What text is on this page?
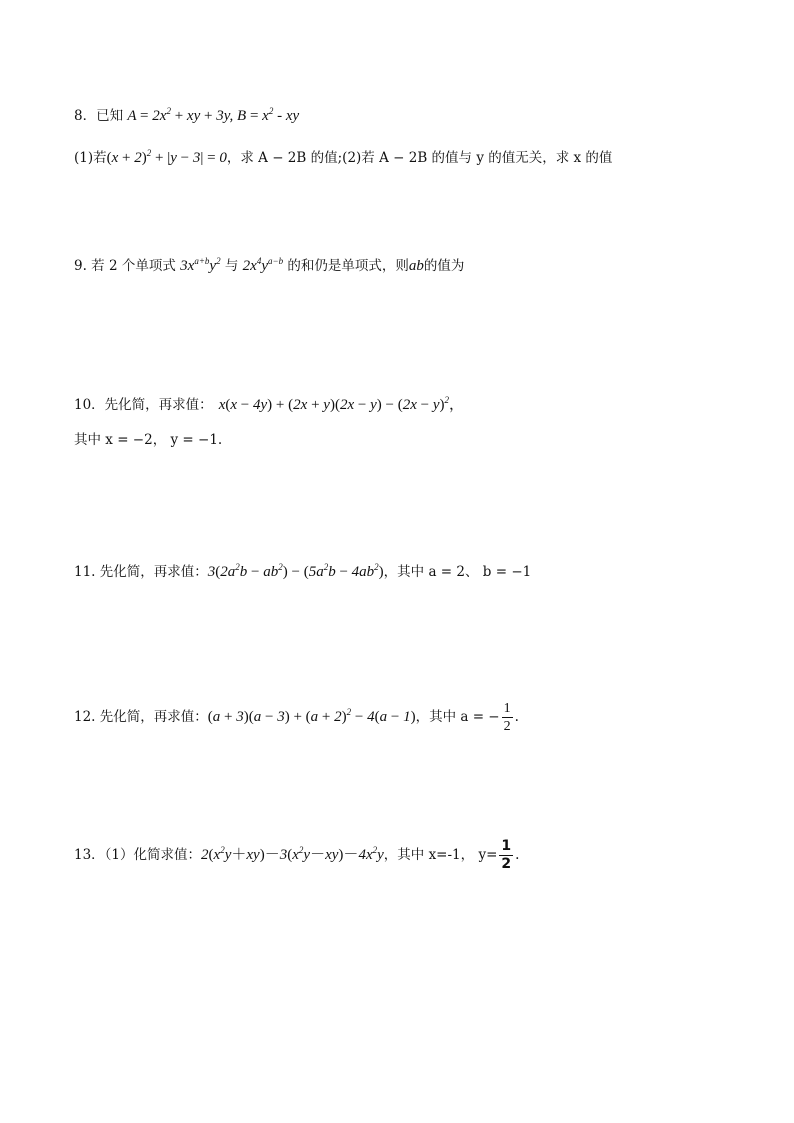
8．已知 $A = 2x^2$ + xy + 3y, $B = x^2$ - xy
(1)若$(x + 2)^2 + |y - 3| = 0$，求 A − 2B 的值;(2)若 A − 2B 的值与 y 的值无关，求 x 的值
9. 若 2 个单项式 $3x^{a+b}y^2$ 与 $2x^4y^{a-b}$ 的和仍是单项式，则ab的值为
10．先化简，再求值： $x(x - 4y) + (2x + y)(2x - y) - (2x - y)^2$，
其中 x = −2， y = −1.
11. 先化简，再求值：$3(2a^2b - ab^2) - (5a^2b - 4ab^2)$，其中 a = 2、 b = −1
12. 先化简，再求值：$(a + 3)(a - 3) + (a + 2)^2 - 4(a - 1)$，其中 a = − $\frac{1}{2}$ .
13．（1）化简求值：$2(x^2y+xy)-3(x^2y-xy)-4x^2y$，其中 x=-1， $y= \frac{1}{2}$ .
